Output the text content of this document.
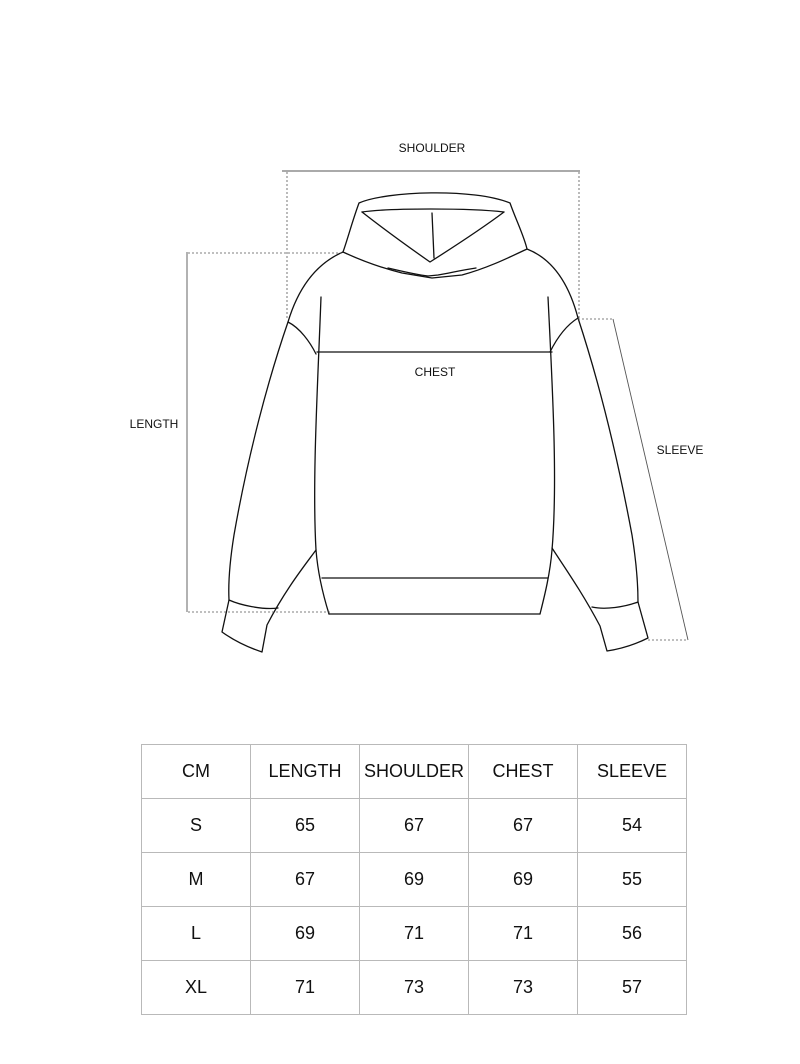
SHOULDER
CHEST
LENGTH
SLEEVE
CM	LENGTH	SHOULDER	CHEST	SLEEVE
S	65	67	67	54
M	67	69	69	55
L	69	71	71	56
XL	71	73	73	57
